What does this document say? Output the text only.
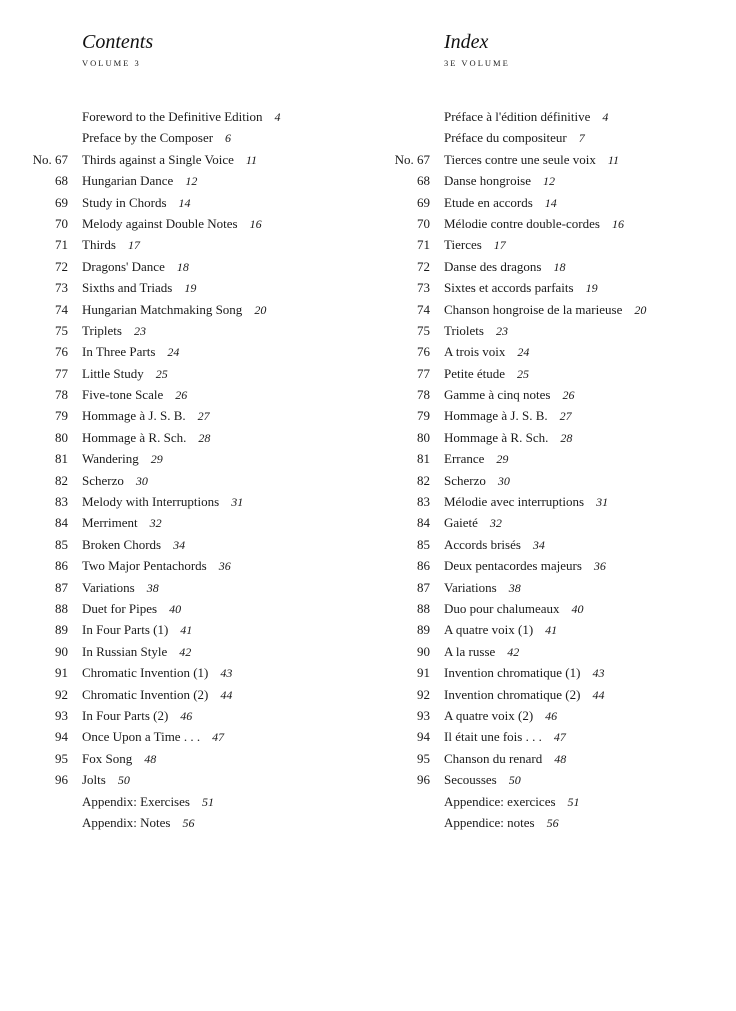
Contents
VOLUME 3
Foreword to the Definitive Edition 4
Preface by the Composer 6
No. 67	Thirds against a Single Voice 11
68	Hungarian Dance 12
69	Study in Chords 14
70	Melody against Double Notes 16
71	Thirds 17
72	Dragons' Dance 18
73	Sixths and Triads 19
74	Hungarian Matchmaking Song 20
75	Triplets 23
76	In Three Parts 24
77	Little Study 25
78	Five-tone Scale 26
79	Hommage à J. S. B. 27
80	Hommage à R. Sch. 28
81	Wandering 29
82	Scherzo 30
83	Melody with Interruptions 31
84	Merriment 32
85	Broken Chords 34
86	Two Major Pentachords 36
87	Variations 38
88	Duet for Pipes 40
89	In Four Parts (1) 41
90	In Russian Style 42
91	Chromatic Invention (1) 43
92	Chromatic Invention (2) 44
93	In Four Parts (2) 46
94	Once Upon a Time . . . 47
95	Fox Song 48
96	Jolts 50
Appendix: Exercises 51
Appendix: Notes 56
Index
3E VOLUME
Préface à l'édition définitive 4
Préface du compositeur 7
No. 67	Tierces contre une seule voix 11
68	Danse hongroise 12
69	Etude en accords 14
70	Mélodie contre double-cordes 16
71	Tierces 17
72	Danse des dragons 18
73	Sixtes et accords parfaits 19
74	Chanson hongroise de la marieuse 20
75	Triolets 23
76	A trois voix 24
77	Petite étude 25
78	Gamme à cinq notes 26
79	Hommage à J. S. B. 27
80	Hommage à R. Sch. 28
81	Errance 29
82	Scherzo 30
83	Mélodie avec interruptions 31
84	Gaieté 32
85	Accords brisés 34
86	Deux pentacordes majeurs 36
87	Variations 38
88	Duo pour chalumeaux 40
89	A quatre voix (1) 41
90	A la russe 42
91	Invention chromatique (1) 43
92	Invention chromatique (2) 44
93	A quatre voix (2) 46
94	Il était une fois . . . 47
95	Chanson du renard 48
96	Secousses 50
Appendice: exercices 51
Appendice: notes 56
